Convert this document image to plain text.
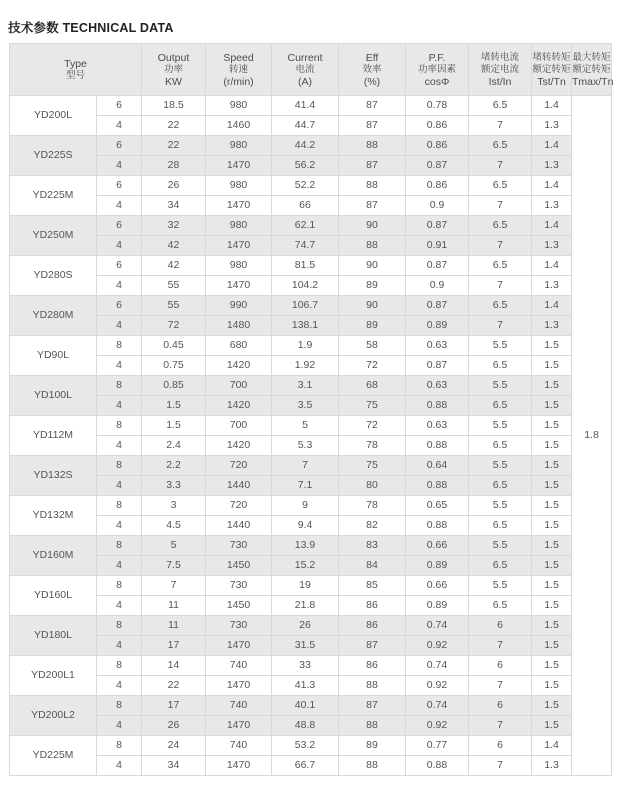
技术参数 TECHNICAL DATA
Type
型号		Output
功率
KW	Speed
转速
(r/min)	Current
电流
(A)	Eff
效率
(%)	P.F.
功率因素
cosΦ	堵转电流
额定电流
Ist/In	堵转转矩
额定转矩
Tst/Tn	最大转矩
额定转矩
Tmax/Tn

YD200L	6	18.5	980	41.4	87	0.78	6.5	1.4	1.8
	4	22	1460	44.7	87	0.86	7	1.3	
YD225S	6	22	980	44.2	88	0.86	6.5	1.4	
	4	28	1470	56.2	87	0.87	7	1.3	
YD225M	6	26	980	52.2	88	0.86	6.5	1.4	
	4	34	1470	66	87	0.9	7	1.3	
YD250M	6	32	980	62.1	90	0.87	6.5	1.4	
	4	42	1470	74.7	88	0.91	7	1.3	
YD280S	6	42	980	81.5	90	0.87	6.5	1.4	
	4	55	1470	104.2	89	0.9	7	1.3	
YD280M	6	55	990	106.7	90	0.87	6.5	1.4	
	4	72	1480	138.1	89	0.89	7	1.3	
YD90L	8	0.45	680	1.9	58	0.63	5.5	1.5	
	4	0.75	1420	1.92	72	0.87	6.5	1.5	
YD100L	8	0.85	700	3.1	68	0.63	5.5	1.5	
	4	1.5	1420	3.5	75	0.88	6.5	1.5	
YD112M	8	1.5	700	5	72	0.63	5.5	1.5	
	4	2.4	1420	5.3	78	0.88	6.5	1.5	
YD132S	8	2.2	720	7	75	0.64	5.5	1.5	
	4	3.3	1440	7.1	80	0.88	6.5	1.5	
YD132M	8	3	720	9	78	0.65	5.5	1.5	
	4	4.5	1440	9.4	82	0.88	6.5	1.5	
YD160M	8	5	730	13.9	83	0.66	5.5	1.5	
	4	7.5	1450	15.2	84	0.89	6.5	1.5	
YD160L	8	7	730	19	85	0.66	5.5	1.5	
	4	11	1450	21.8	86	0.89	6.5	1.5	
YD180L	8	11	730	26	86	0.74	6	1.5	
	4	17	1470	31.5	87	0.92	7	1.5	
YD200L1	8	14	740	33	86	0.74	6	1.5	
	4	22	1470	41.3	88	0.92	7	1.5	
YD200L2	8	17	740	40.1	87	0.74	6	1.5	
	4	26	1470	48.8	88	0.92	7	1.5	
YD225M	8	24	740	53.2	89	0.77	6	1.4	
	4	34	1470	66.7	88	0.88	7	1.3	
